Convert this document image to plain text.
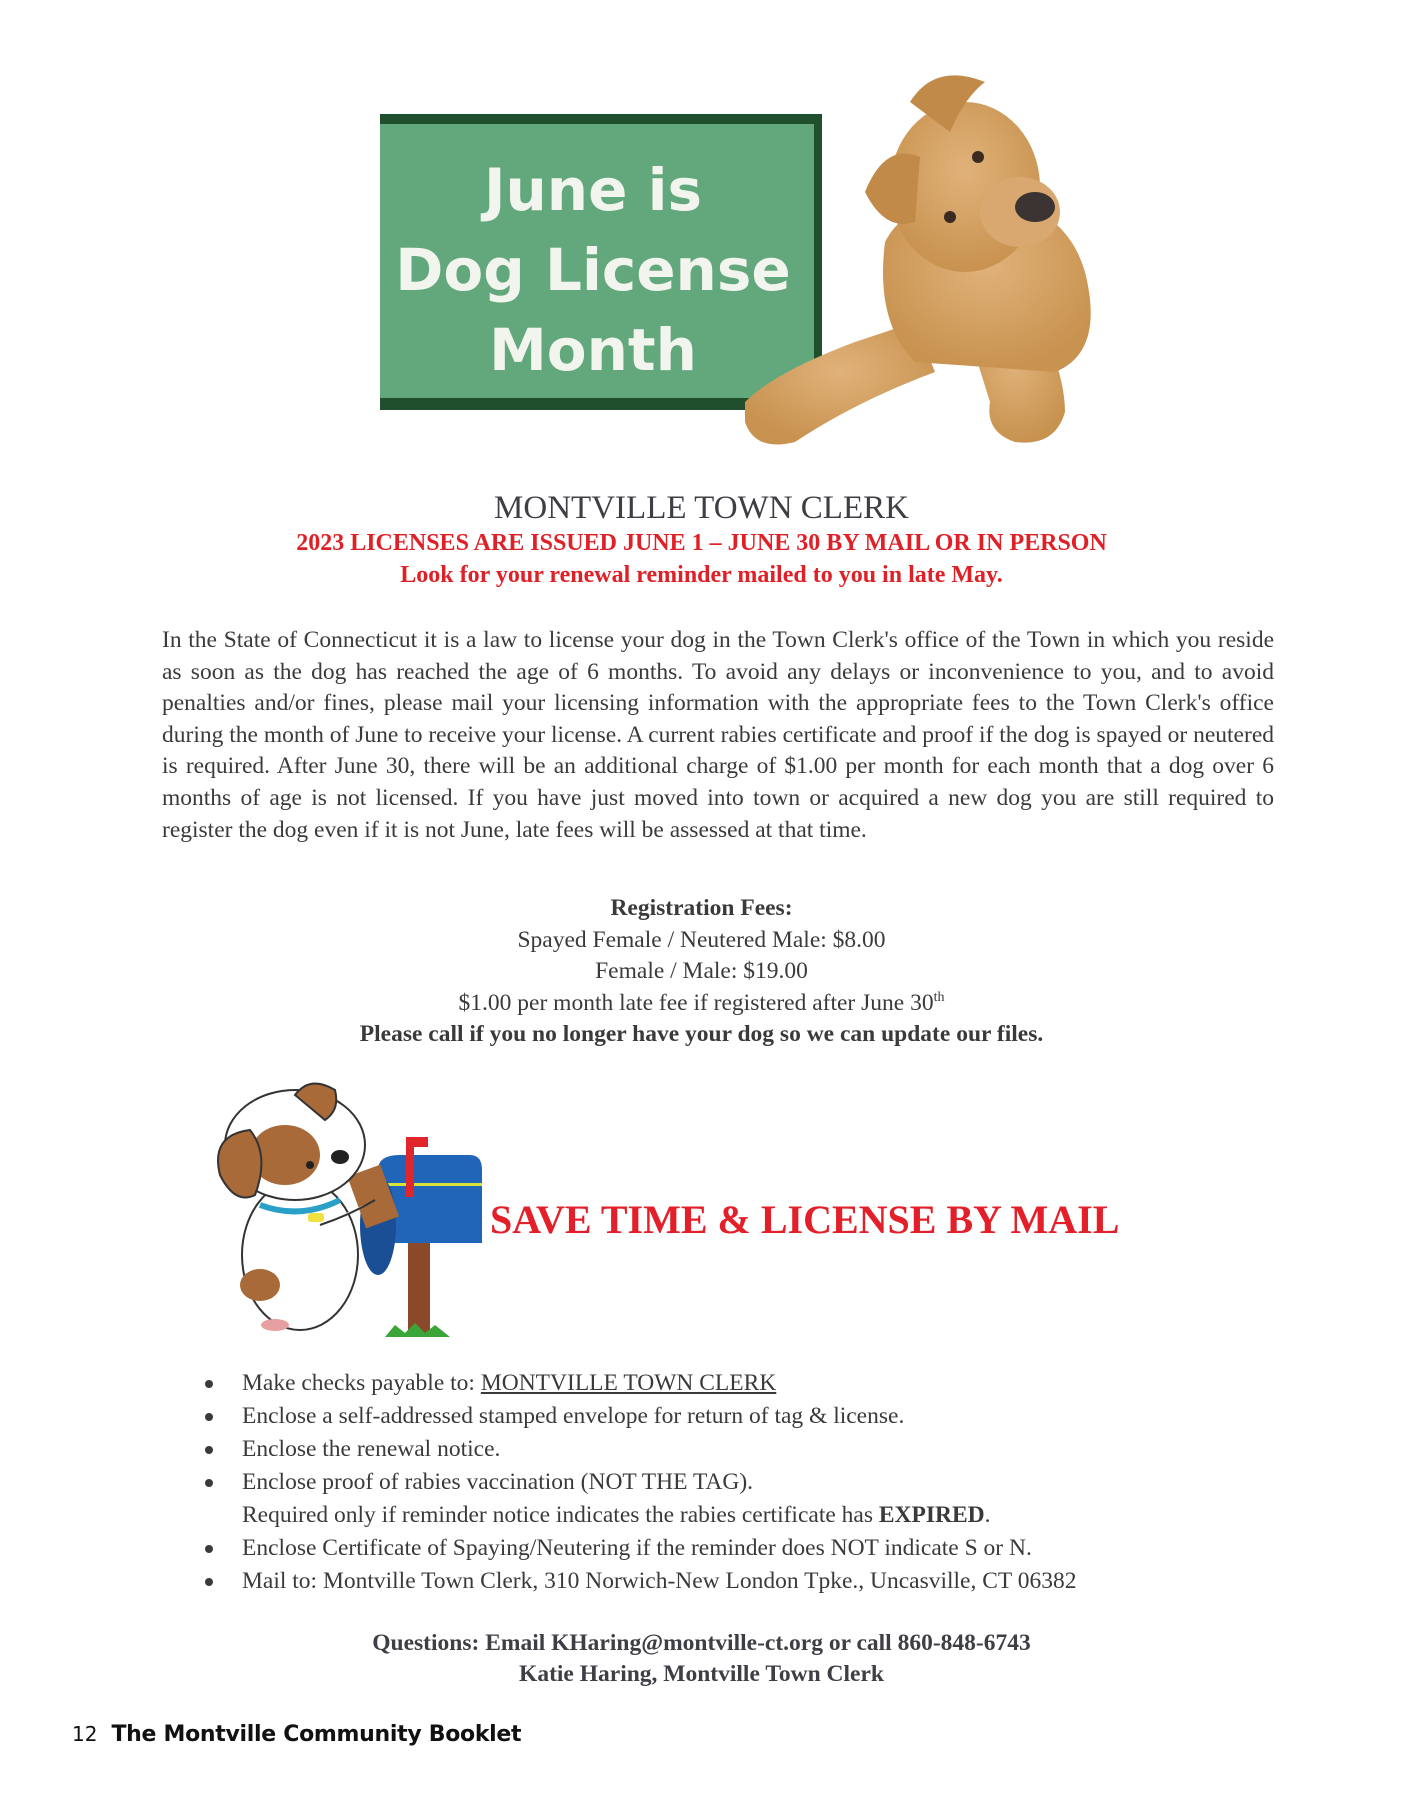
June is
Dog License
Month
MONTVILLE TOWN CLERK
2023 LICENSES ARE ISSUED JUNE 1 – JUNE 30 BY MAIL OR IN PERSON
Look for your renewal reminder mailed to you in late May.
In the State of Connecticut it is a law to license your dog in the Town Clerk's office of the Town in which you reside as soon as the dog has reached the age of 6 months. To avoid any delays or inconvenience to you, and to avoid penalties and/or fines, please mail your licensing information with the appropriate fees to the Town Clerk's office during the month of June to receive your license. A current rabies certificate and proof if the dog is spayed or neutered is required. After June 30, there will be an additional charge of $1.00 per month for each month that a dog over 6 months of age is not licensed. If you have just moved into town or acquired a new dog you are still required to register the dog even if it is not June, late fees will be assessed at that time.
Registration Fees:
Spayed Female / Neutered Male: $8.00
Female / Male: $19.00
$1.00 per month late fee if registered after June 30th
Please call if you no longer have your dog so we can update our files.
SAVE TIME & LICENSE BY MAIL
Make checks payable to: MONTVILLE TOWN CLERK
Enclose a self-addressed stamped envelope for return of tag & license.
Enclose the renewal notice.
Enclose proof of rabies vaccination (NOT THE TAG).
Required only if reminder notice indicates the rabies certificate has EXPIRED.
Enclose Certificate of Spaying/Neutering if the reminder does NOT indicate S or N.
Mail to: Montville Town Clerk, 310 Norwich-New London Tpke., Uncasville, CT 06382
Questions: Email KHaring@montville-ct.org or call 860-848-6743
Katie Haring, Montville Town Clerk
12 The Montville Community Booklet
